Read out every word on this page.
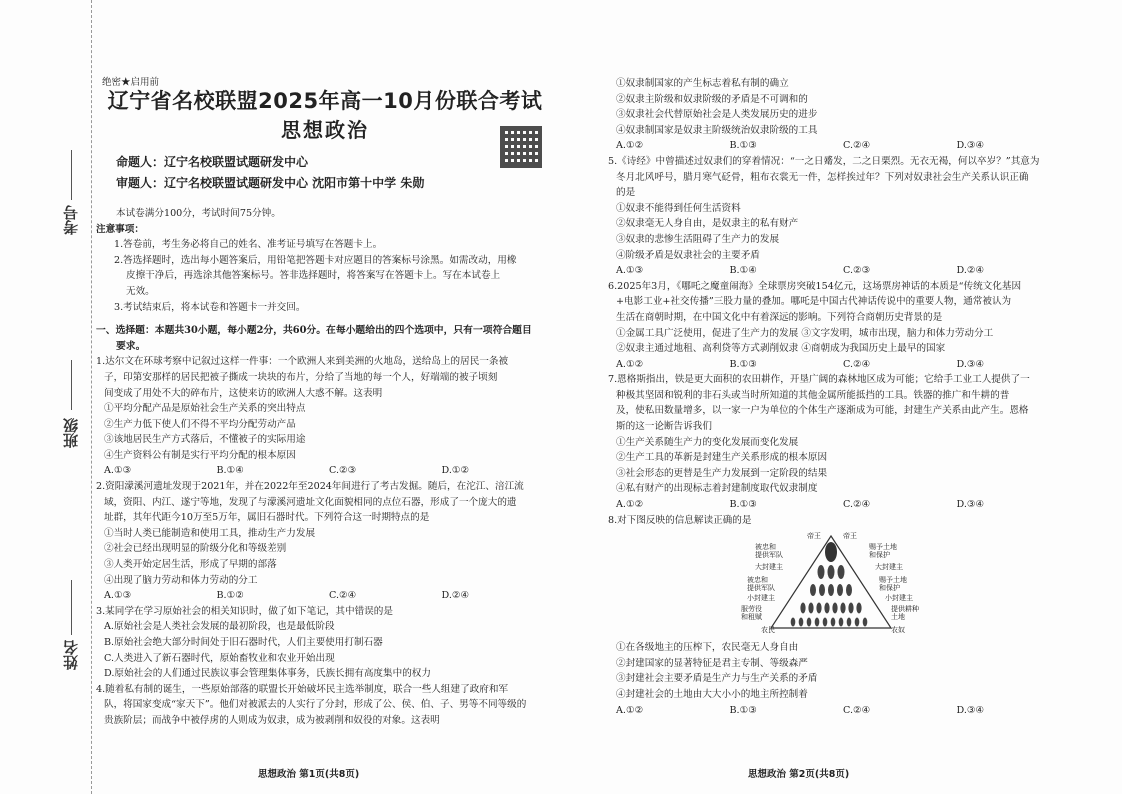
考号
班级
姓名
绝密★启用前
辽宁省名校联盟2025年高一10月份联合考试
思想政治
命题人：辽宁名校联盟试题研发中心
审题人：辽宁名校联盟试题研发中心 沈阳市第十中学 朱勋
本试卷满分100分，考试时间75分钟。

注意事项：

1.答卷前，考生务必将自己的姓名、准考证号填写在答题卡上。

2.答选择题时，选出每小题答案后，用铅笔把答题卡对应题目的答案标号涂黑。如需改动，用橡

皮擦干净后，再选涂其他答案标号。答非选择题时，将答案写在答题卡上。写在本试卷上

无效。

3.考试结束后，将本试卷和答题卡一并交回。

一、选择题：本题共30小题，每小题2分，共60分。在每小题给出的四个选项中，只有一项符合题目
要求。

1.达尔文在环球考察中记叙过这样一件事：一个欧洲人来到美洲的火地岛，送给岛上的居民一条被

子，印第安那样的居民把被子撕成一块块的布片，分给了当地的每一个人，好端端的被子顷刻

间变成了用处不大的碎布片，这使来访的欧洲人大惑不解。这表明

①平均分配产品是原始社会生产关系的突出特点

②生产力低下使人们不得不平均分配劳动产品

③该地居民生产方式落后，不懂被子的实际用途

④生产资料公有制是实行平均分配的根本原因

A.①③	B.①④	C.②③	D.①②

2.资阳濛溪河遗址发现于2021年，并在2022年至2024年间进行了考古发掘。随后，在沱江、涪江流

域，资阳、内江、遂宁等地，发现了与濛溪河遗址文化面貌相同的点位石器，形成了一个庞大的遗

址群，其年代距今10万至5万年，属旧石器时代。下列符合这一时期特点的是

①当时人类已能制造和使用工具，推动生产力发展

②社会已经出现明显的阶级分化和等级差别

③人类开始定居生活，形成了早期的部落

④出现了脑力劳动和体力劳动的分工

A.①③	B.①②	C.②④	D.②④

3.某同学在学习原始社会的相关知识时，做了如下笔记，其中错误的是

A.原始社会是人类社会发展的最初阶段，也是最低阶段

B.原始社会绝大部分时间处于旧石器时代，人们主要使用打制石器

C.人类进入了新石器时代，原始畜牧业和农业开始出现

D.原始社会的人们通过民族议事会管理集体事务，氏族长拥有高度集中的权力

4.随着私有制的诞生，一些原始部落的联盟长开始破坏民主选举制度，联合一些人组建了政府和军

队，将国家变成“家天下”。他们对被派去的人实行了分封，形成了公、侯、伯、子、男等不同等级的

贵族阶层；而战争中被俘虏的人则成为奴隶，成为被剥削和奴役的对象。这表明

思想政治 第1页(共8页)

①奴隶制国家的产生标志着私有制的确立

②奴隶主阶级和奴隶阶级的矛盾是不可调和的

③奴隶社会代替原始社会是人类发展历史的进步

④奴隶制国家是奴隶主阶级统治奴隶阶级的工具

A.①②	B.①③	C.②④	D.③④

5.《诗经》中曾描述过奴隶们的穿着情况：“一之日觱发，二之日栗烈。无衣无褐，何以卒岁？”其意为

冬月北风呼号，腊月寒气砭骨，粗布衣裳无一件，怎样挨过年？下列对奴隶社会生产关系认识正确

的是

①奴隶不能得到任何生活资料

②奴隶毫无人身自由，是奴隶主的私有财产

③奴隶的悲惨生活阻碍了生产力的发展

④阶级矛盾是奴隶社会的主要矛盾

A.①③	B.①④	C.②③	D.②④

6.2025年3月，《哪吒之魔童闹海》全球票房突破154亿元，这场票房神话的本质是“传统文化基因

+电影工业+社交传播”三股力量的叠加。哪吒是中国古代神话传说中的重要人物，通常被认为

生活在商朝时期，在中国文化中有着深远的影响。下列符合商朝历史背景的是

①金属工具广泛使用，促进了生产力的发展 ③文字发明，城市出现，脑力和体力劳动分工

②奴隶主通过地租、高利贷等方式剥削奴隶 ④商朝成为我国历史上最早的国家

A.①②	B.①③	C.②④	D.③④

7.恩格斯指出，铁是更大面积的农田耕作，开垦广阔的森林地区成为可能；它给手工业工人提供了一

种极其坚固和锐利的非石头或当时所知道的其他金属所能抵挡的工具。铁器的推广和牛耕的普

及，使私田数量增多，以一家一户为单位的个体生产逐渐成为可能，封建生产关系由此产生。恩格

斯的这一论断告诉我们

①生产关系随生产力的变化发展而变化发展

②生产工具的革新是封建生产关系形成的根本原因

③社会形态的更替是生产力发展到一定阶段的结果

④私有财产的出现标志着封建制度取代奴隶制度

A.①②	B.①③	C.②④	D.③④

8.对下图反映的信息解读正确的是

帝王	帝王
被忠和
提供军队
赐予土地
和保护
大封建主	大封建主
被忠和
提供军队
赐予土地
和保护
小封建主	小封建主
服劳役
和租赋
提供耕种
土地
农民	农奴

①在各级地主的压榨下，农民毫无人身自由

②封建国家的显著特征是君主专制、等级森严

③封建社会主要矛盾是生产力与生产关系的矛盾

④封建社会的土地由大大小小的地主所控制着

A.①②	B.①③	C.②④	D.③④
思想政治 第2页(共8页)
